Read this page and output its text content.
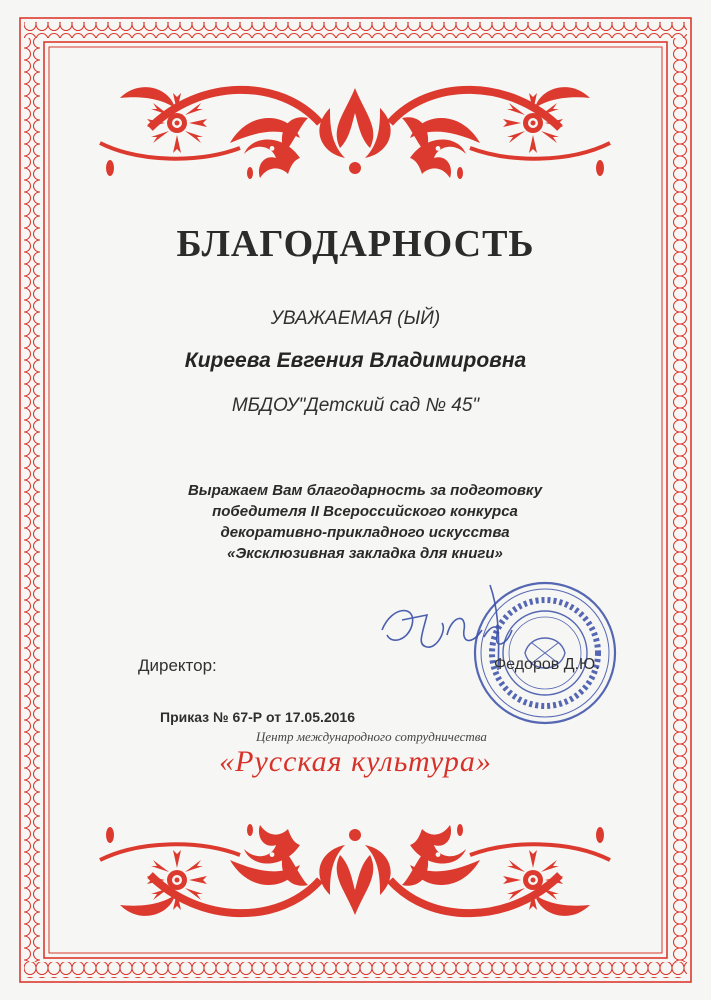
БЛАГОДАРНОСТЬ
УВАЖАЕМАЯ (ЫЙ)
Киреева Евгения Владимировна
МБДОУ"Детский сад № 45"
Выражаем Вам благодарность за подготовку
победителя II Всероссийского конкурса
декоративно-прикладного искусства
«Эксклюзивная закладка для книги»
Директор:	Федоров Д.Ю.
Приказ № 67-Р от 17.05.2016
Центр международного сотрудничества
«Русская культура»
